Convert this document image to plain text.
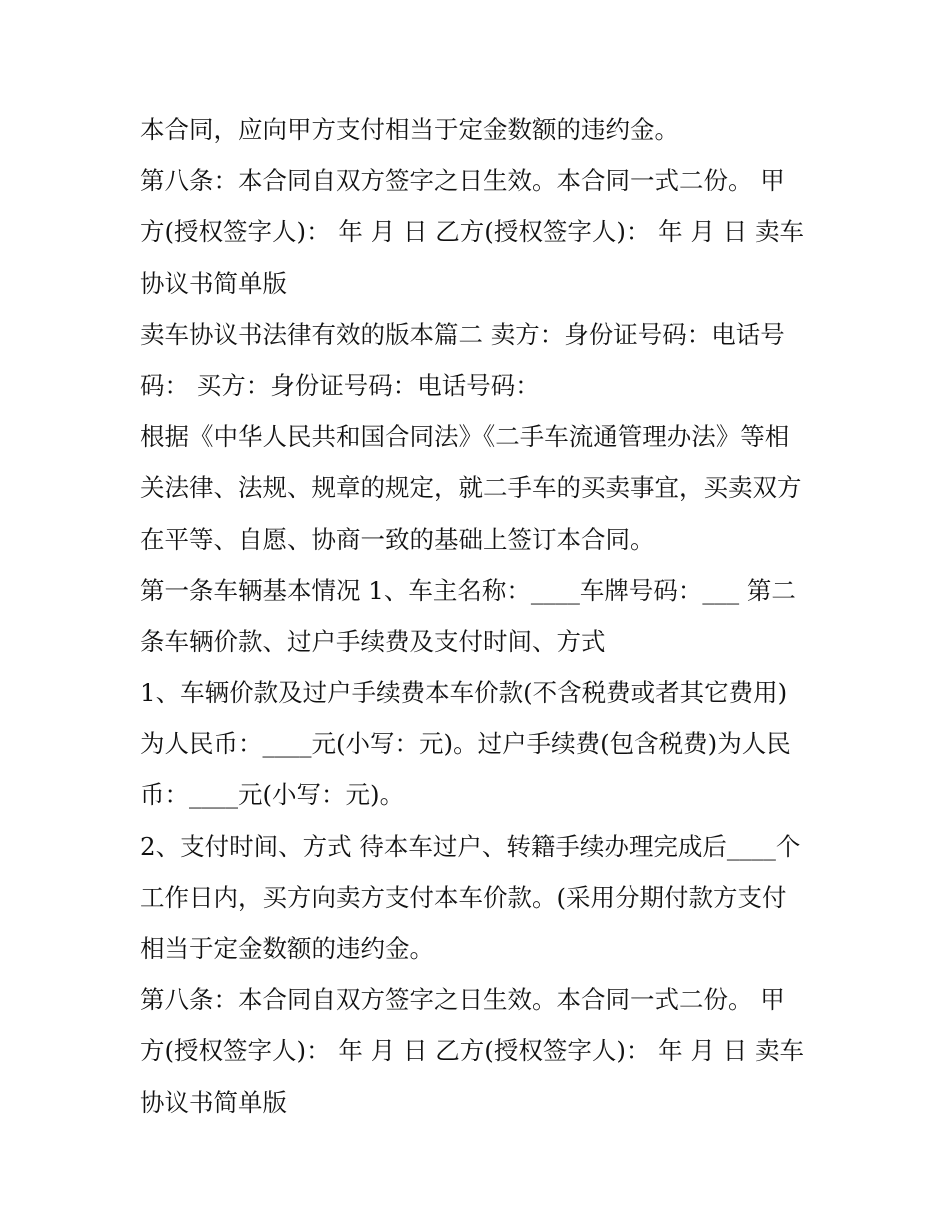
本合同，应向甲方支付相当于定金数额的违约金。
第八条：本合同自双方签字之日生效。本合同一式二份。 甲
方(授权签字人)： 年 月 日 乙方(授权签字人)： 年 月 日 卖车
协议书简单版
卖车协议书法律有效的版本篇二 卖方：身份证号码：电话号
码： 买方：身份证号码：电话号码：
根据《中华人民共和国合同法》《二手车流通管理办法》等相
关法律、法规、规章的规定，就二手车的买卖事宜，买卖双方
在平等、自愿、协商一致的基础上签订本合同。
第一条车辆基本情况 1、车主名称：____车牌号码：___ 第二
条车辆价款、过户手续费及支付时间、方式
1、车辆价款及过户手续费本车价款(不含税费或者其它费用)
为人民币：____元(小写：元)。过户手续费(包含税费)为人民
币：____元(小写：元)。
2、支付时间、方式 待本车过户、转籍手续办理完成后____个
工作日内，买方向卖方支付本车价款。(采用分期付款方支付
相当于定金数额的违约金。
第八条：本合同自双方签字之日生效。本合同一式二份。 甲
方(授权签字人)： 年 月 日 乙方(授权签字人)： 年 月 日 卖车
协议书简单版
